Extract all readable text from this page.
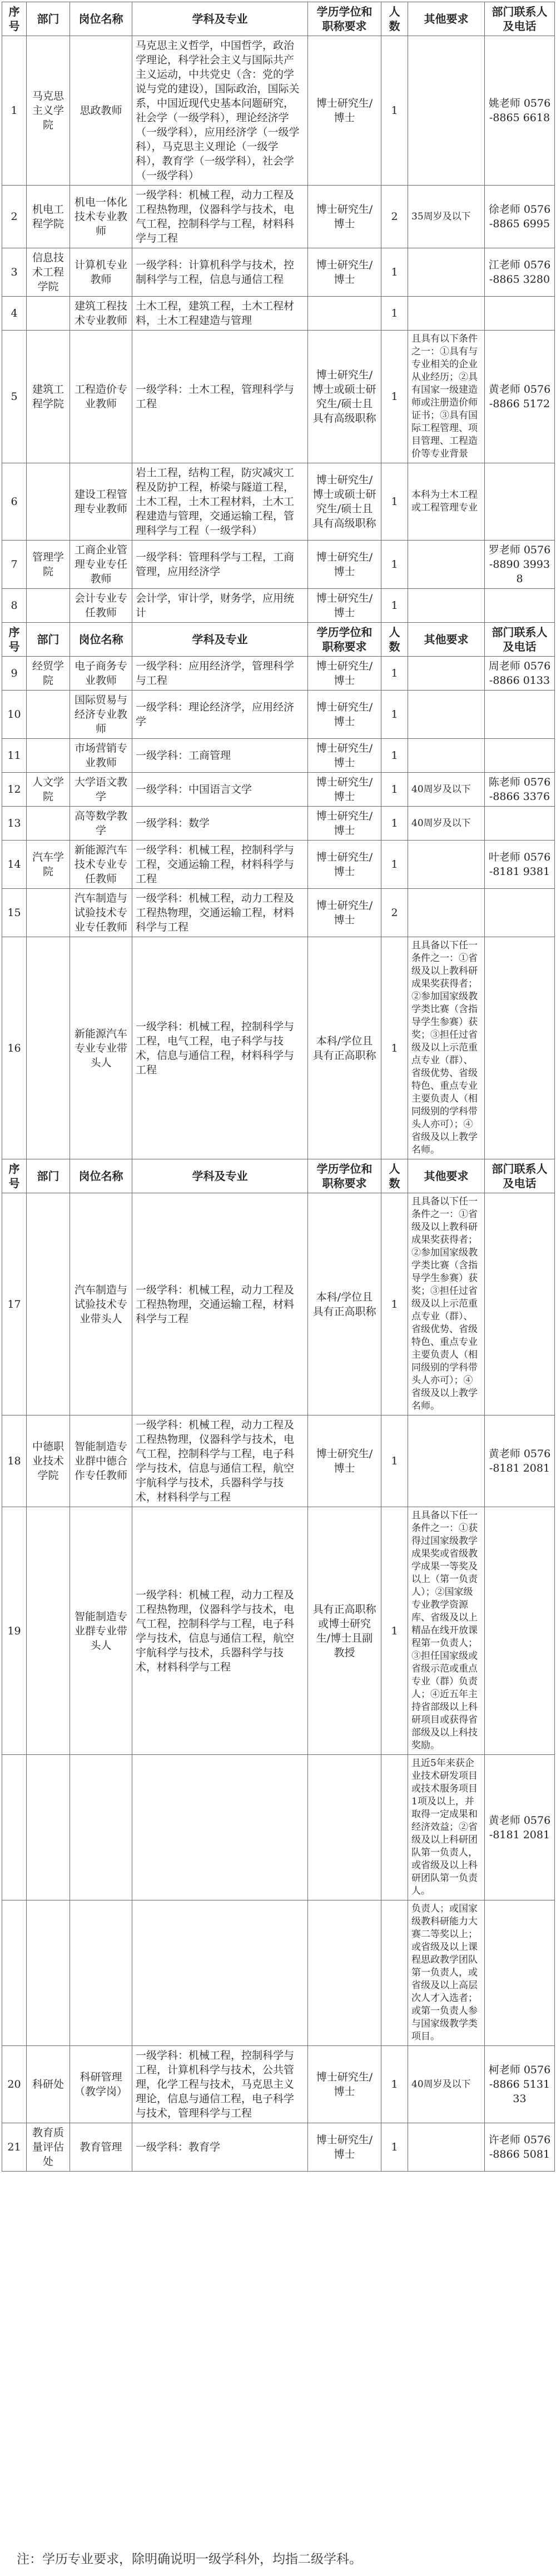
序号	部门	岗位名称	学科及专业	学历学位和职称要求	人数	其他要求	部门联系人及电话
1	马克思主义学院	思政教师	马克思主义哲学，中国哲学，政治学理论，科学社会主义与国际共产主义运动，中共党史（含：党的学说与党的建设），国际政治，国际关系，中国近现代史基本问题研究，社会学（一级学科），理论经济学（一级学科），应用经济学（一级学科），马克思主义理论（一级学科），教育学（一级学科），社会学（一级学科）	博士研究生/博士	1		姚老师 0576-8865 6618
2	机电工程学院	机电一体化技术专业教师	一级学科：机械工程，动力工程及工程热物理，仪器科学与技术，电气工程，控制科学与工程，材料科学与工程	博士研究生/博士	2	35周岁及以下	徐老师 0576-8865 6995
3	信息技术工程学院	计算机专业教师	一级学科：计算机科学与技术，控制科学与工程，信息与通信工程	博士研究生/博士	1		江老师 0576-8865 3280
4		建筑工程技术专业教师	土木工程，建筑工程，土木工程材料，土木工程建造与管理		1		
5	建筑工程学院	工程造价专业教师	一级学科：土木工程，管理科学与工程	博士研究生/博士或硕士研究生/硕士且具有高级职称	1	且具有以下条件之一：①具有与专业相关的企业从业经历；②具有国家一级建造师或注册造价师证书；③具有国际工程管理、项目管理、工程造价等专业背景	黄老师 0576-8866 5172
6		建设工程管理专业教师	岩土工程，结构工程，防灾减灾工程及防护工程，桥梁与隧道工程，土木工程，土木工程材料，土木工程建造与管理，交通运输工程，管理科学与工程（一级学科）	博士研究生/博士或硕士研究生/硕士且具有高级职称	1	本科为土木工程或工程管理专业	
7	管理学院	工商企业管理专业专任教师	一级学科：管理科学与工程，工商管理，应用经济学	博士研究生/博士	1		罗老师 0576-8890 39938
8		会计专业专任教师	会计学，审计学，财务学，应用统计	博士研究生/博士	1		
序号	部门	岗位名称	学科及专业	学历学位和职称要求	人数	其他要求	部门联系人及电话
9	经贸学院	电子商务专业教师	一级学科：应用经济学，管理科学与工程	博士研究生/博士	1		周老师 0576-8866 0133
10		国际贸易与经济专业教师	一级学科：理论经济学，应用经济学	博士研究生/博士	1		
11		市场营销专业教师	一级学科：工商管理	博士研究生/博士	1		
12	人文学院	大学语文教学	一级学科：中国语言文学	博士研究生/博士	1	40周岁及以下	陈老师 0576-8866 3376
13		高等数学教学	一级学科：数学	博士研究生/博士	1	40周岁及以下	
14	汽车学院	新能源汽车技术专业专任教师	一级学科：机械工程，控制科学与工程，交通运输工程，材料科学与工程	博士研究生/博士	1		叶老师 0576-8181 9381
15		汽车制造与试验技术专业专任教师	一级学科：机械工程，动力工程及工程热物理，交通运输工程，材料科学与工程	博士研究生/博士	2		
16		新能源汽车专业专业带头人	一级学科：机械工程，控制科学与工程，电气工程，电子科学与技术，信息与通信工程，材料科学与工程	本科/学位且具有正高职称	1	且具备以下任一条件之一：①省级及以上教科研成果奖获得者；②参加国家级教学类比赛（含指导学生参赛）获奖；③担任过省级及以上示范重点专业（群）、省级优势、省级特色、重点专业主要负责人（相同级别的学科带头人亦可）；④省级及以上教学名师。	
序号	部门	岗位名称	学科及专业	学历学位和职称要求	人数	其他要求	部门联系人及电话
17		汽车制造与试验技术专业带头人	一级学科：机械工程，动力工程及工程热物理，交通运输工程，材料科学与工程	本科/学位且具有正高职称	1	且具备以下任一条件之一：①省级及以上教科研成果奖获得者；②参加国家级教学类比赛（含指导学生参赛）获奖；③担任过省级及以上示范重点专业（群）、省级优势、省级特色、重点专业主要负责人（相同级别的学科带头人亦可）；④省级及以上教学名师。	
18	中德职业技术学院	智能制造专业群中德合作专任教师	一级学科：机械工程，动力工程及工程热物理，仪器科学与技术，电气工程，控制科学与工程，电子科学与技术，信息与通信工程，航空宇航科学与技术，兵器科学与技术，材料科学与工程	博士研究生/博士	1		黄老师 0576-8181 2081
19		智能制造专业群专业带头人	一级学科：机械工程，动力工程及工程热物理，仪器科学与技术，电气工程，控制科学与工程，电子科学与技术，信息与通信工程，航空宇航科学与技术，兵器科学与技术，材料科学与工程	具有正高职称或博士研究生/博士且副教授	1	且具备以下任一条件之一：①获得过国家级教学成果奖或省级教学成果一等奖及以上（第一负责人）；②国家级专业教学资源库、省级及以上精品在线开放课程第一负责人；③担任国家级或省级示范或重点专业（群）负责人；④近五年主持省部级以上科研项目或获得省部级及以上科技奖励。	
						且近5年来获企业技术研发项目或技术服务项目1项及以上，并取得一定成果和经济效益；②省级及以上科研团队第一负责人，或省级及以上科研团队第一负责人。	黄老师 0576-8181 2081
						负责人；或国家级教科研能力大赛二等奖以上；或省级及以上课程思政教学团队第一负责人，或省级及以上高层次人才入选者；或第一负责人参与国家级教学类项目。	
20	科研处	科研管理（教学岗）	一级学科：机械工程，控制科学与工程，计算机科学与技术，公共管理，化学工程与技术，马克思主义理论，信息与通信工程，电子科学与技术，管理科学与工程	博士研究生/博士	1	40周岁及以下	柯老师 0576-8866 513133
21	教育质量评估处	教育管理	一级学科：教育学	博士研究生/博士	1		许老师 0576-8866 5081
注：学历专业要求，除明确说明一级学科外，均指二级学科。
